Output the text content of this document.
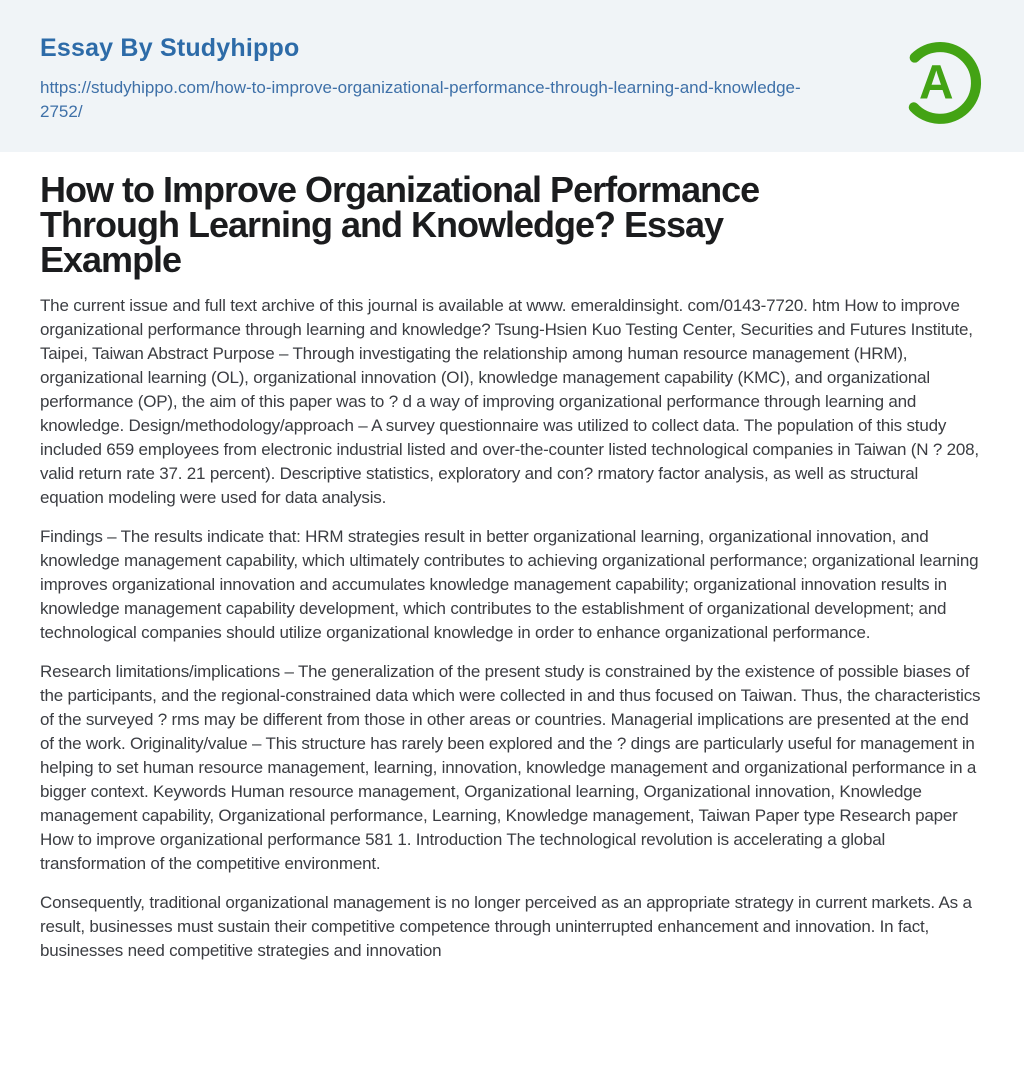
Essay By Studyhippo
https://studyhippo.com/how-to-improve-organizational-performance-through-learning-and-knowledge-2752/
A
How to Improve Organizational Performance
Through Learning and Knowledge? Essay
Example

The current issue and full text archive of this journal is available at www. emeraldinsight. com/0143-7720. htm How to improve organizational performance through learning and knowledge? Tsung-Hsien Kuo Testing Center, Securities and Futures Institute, Taipei, Taiwan Abstract Purpose – Through investigating the relationship among human resource management (HRM), organizational learning (OL), organizational innovation (OI), knowledge management capability (KMC), and organizational performance (OP), the aim of this paper was to ? d a way of improving organizational performance through learning and knowledge. Design/methodology/approach – A survey questionnaire was utilized to collect data. The population of this study included 659 employees from electronic industrial listed and over-the-counter listed technological companies in Taiwan (N ? 208, valid return rate 37. 21 percent). Descriptive statistics, exploratory and con? rmatory factor analysis, as well as structural equation modeling were used for data analysis.

Findings – The results indicate that: HRM strategies result in better organizational learning, organizational innovation, and knowledge management capability, which ultimately contributes to achieving organizational performance; organizational learning improves organizational innovation and accumulates knowledge management capability; organizational innovation results in knowledge management capability development, which contributes to the establishment of organizational development; and technological companies should utilize organizational knowledge in order to enhance organizational performance.

Research limitations/implications – The generalization of the present study is constrained by the existence of possible biases of the participants, and the regional-constrained data which were collected in and thus focused on Taiwan. Thus, the characteristics of the surveyed ? rms may be different from those in other areas or countries. Managerial implications are presented at the end of the work. Originality/value – This structure has rarely been explored and the ? dings are particularly useful for management in helping to set human resource management, learning, innovation, knowledge management and organizational performance in a bigger context. Keywords Human resource management, Organizational learning, Organizational innovation, Knowledge management capability, Organizational performance, Learning, Knowledge management, Taiwan Paper type Research paper How to improve organizational performance 581 1. Introduction The technological revolution is accelerating a global transformation of the competitive environment.

Consequently, traditional organizational management is no longer perceived as an appropriate strategy in current markets. As a result, businesses must sustain their competitive competence through uninterrupted enhancement and innovation. In fact, businesses need competitive strategies and innovation
